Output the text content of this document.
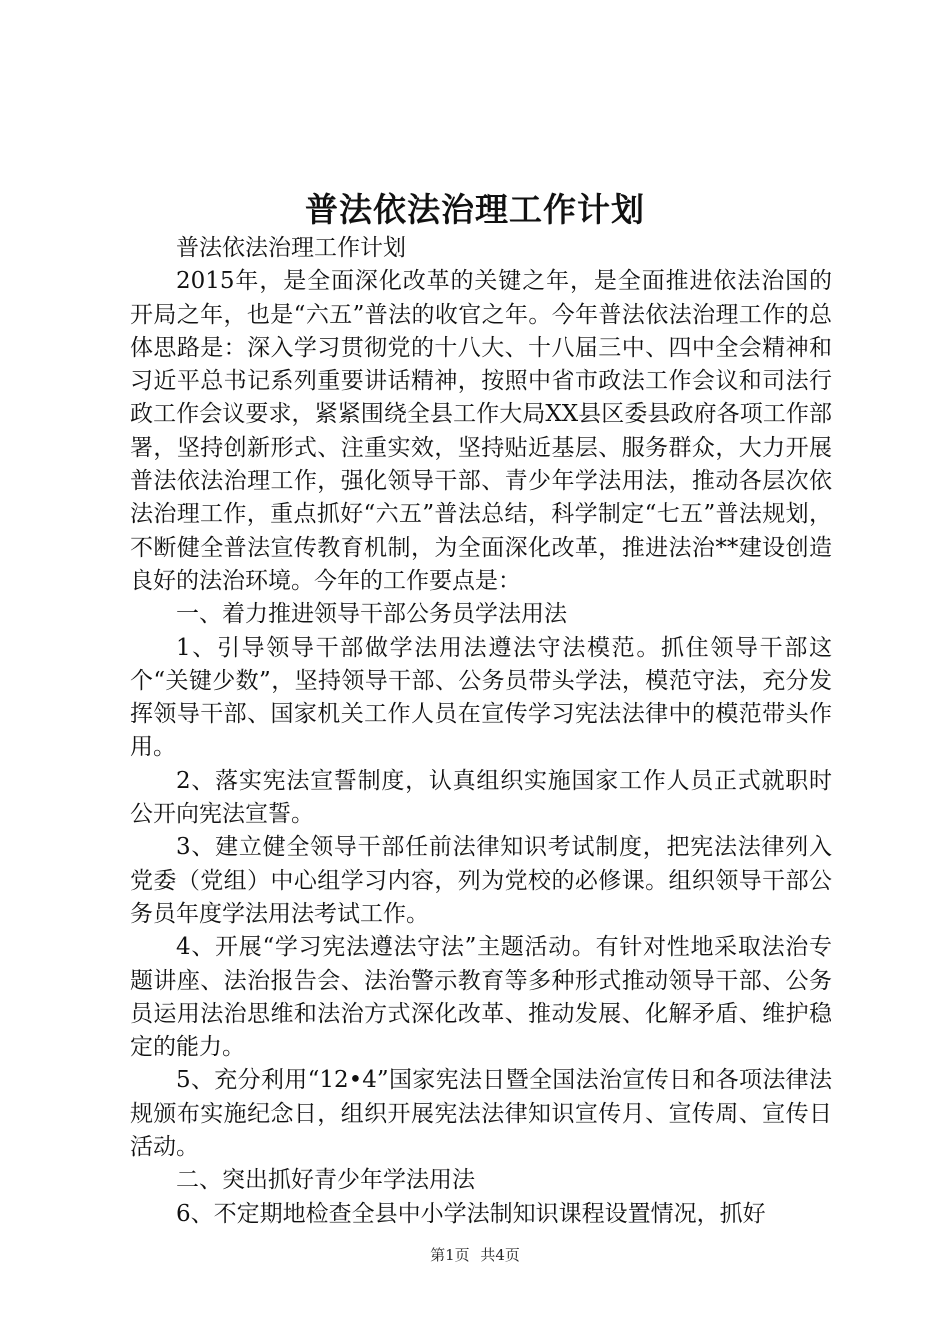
普法依法治理工作计划

普法依法治理工作计划

2015年，是全面深化改革的关键之年，是全面推进依法治国的开局之年，也是“六五”普法的收官之年。今年普法依法治理工作的总体思路是：深入学习贯彻党的十八大、十八届三中、四中全会精神和习近平总书记系列重要讲话精神，按照中省市政法工作会议和司法行政工作会议要求，紧紧围绕全县工作大局XX县区委县政府各项工作部署，坚持创新形式、注重实效，坚持贴近基层、服务群众，大力开展普法依法治理工作，强化领导干部、青少年学法用法，推动各层次依法治理工作，重点抓好“六五”普法总结，科学制定“七五”普法规划，不断健全普法宣传教育机制，为全面深化改革，推进法治**建设创造良好的法治环境。今年的工作要点是：

一、着力推进领导干部公务员学法用法

1、引导领导干部做学法用法遵法守法模范。抓住领导干部这个“关键少数”，坚持领导干部、公务员带头学法，模范守法，充分发挥领导干部、国家机关工作人员在宣传学习宪法法律中的模范带头作用。

2、落实宪法宣誓制度，认真组织实施国家工作人员正式就职时公开向宪法宣誓。

3、建立健全领导干部任前法律知识考试制度，把宪法法律列入党委（党组）中心组学习内容，列为党校的必修课。组织领导干部公务员年度学法用法考试工作。

4、开展“学习宪法遵法守法”主题活动。有针对性地采取法治专题讲座、法治报告会、法治警示教育等多种形式推动领导干部、公务员运用法治思维和法治方式深化改革、推动发展、化解矛盾、维护稳定的能力。

5、充分利用“12•4”国家宪法日暨全国法治宣传日和各项法律法规颁布实施纪念日，组织开展宪法法律知识宣传月、宣传周、宣传日活动。

二、突出抓好青少年学法用法

6、不定期地检查全县中小学法制知识课程设置情况，抓好

第1页 共4页
